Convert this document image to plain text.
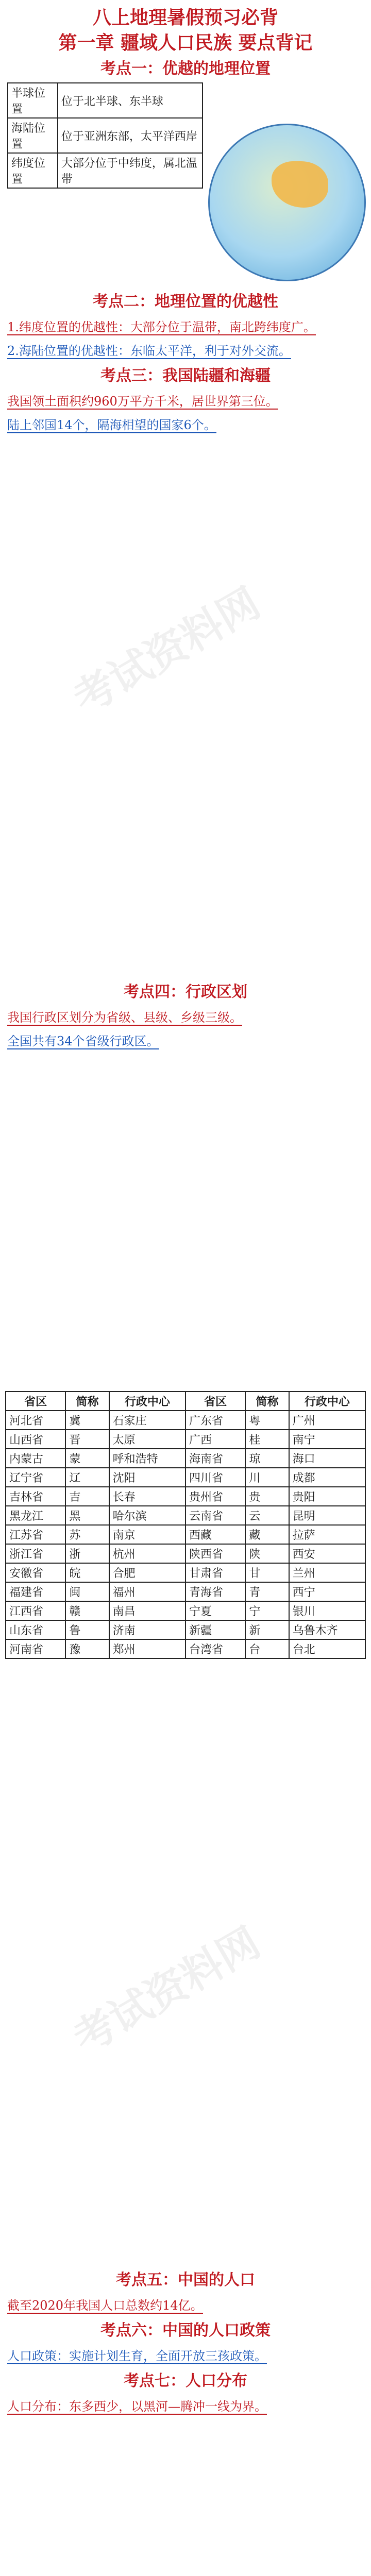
八上地理暑假预习必背
第一章 疆域人口民族 要点背记
考点一：优越的地理位置
半球位置	位于北半球、东半球
海陆位置	位于亚洲东部，太平洋西岸
纬度位置	大部分位于中纬度，属北温带
考点二：地理位置的优越性

1.纬度位置的优越性：大部分位于温带，南北跨纬度广。

2.海陆位置的优越性：东临太平洋，利于对外交流。

考点三：我国陆疆和海疆

我国领土面积约960万平方千米，居世界第三位。

陆上邻国14个，隔海相望的国家6个。

考点四：行政区划

我国行政区划分为省级、县级、乡级三级。

全国共有34个省级行政区。

省区	简称	行政中心	省区	简称	行政中心
河北省	冀	石家庄	广东省	粤	广州
山西省	晋	太原	广西	桂	南宁
内蒙古	蒙	呼和浩特	海南省	琼	海口
辽宁省	辽	沈阳	四川省	川	成都
吉林省	吉	长春	贵州省	贵	贵阳
黑龙江	黑	哈尔滨	云南省	云	昆明
江苏省	苏	南京	西藏	藏	拉萨
浙江省	浙	杭州	陕西省	陕	西安
安徽省	皖	合肥	甘肃省	甘	兰州
福建省	闽	福州	青海省	青	西宁
江西省	赣	南昌	宁夏	宁	银川
山东省	鲁	济南	新疆	新	乌鲁木齐
河南省	豫	郑州	台湾省	台	台北
考点五：中国的人口

截至2020年我国人口总数约14亿。

考点六：中国的人口政策

人口政策：实施计划生育，全面开放三孩政策。

考点七：人口分布

人口分布：东多西少，以黑河—腾冲一线为界。

考试资料网
考试资料网
